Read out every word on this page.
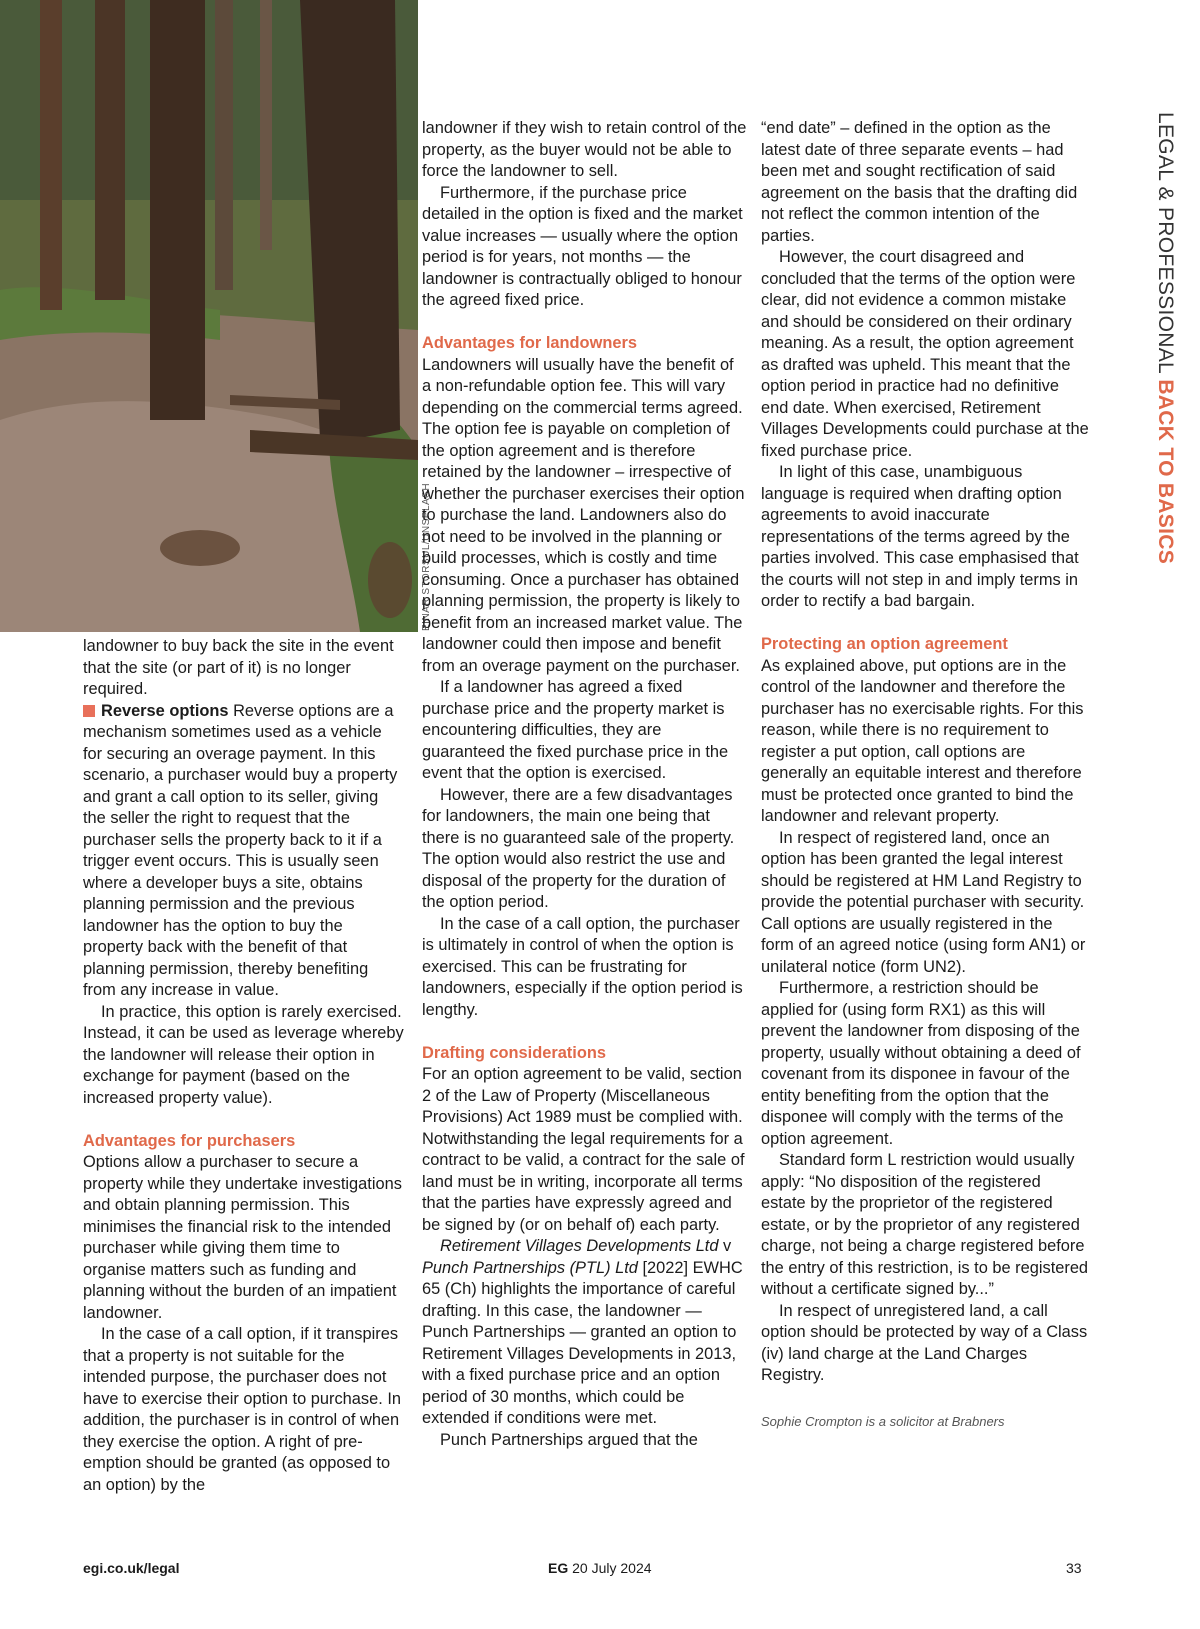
EINAR STORSUL/UNSPLASH
LEGAL & PROFESSIONAL BACK TO BASICS

landowner to buy back the site in the event that the site (or part of it) is no longer required.

Reverse options Reverse options are a mechanism sometimes used as a vehicle for securing an overage payment. In this scenario, a purchaser would buy a property and grant a call option to its seller, giving the seller the right to request that the purchaser sells the property back to it if a trigger event occurs. This is usually seen where a developer buys a site, obtains planning permission and the previous landowner has the option to buy the property back with the benefit of that planning permission, thereby benefiting from any increase in value.

In practice, this option is rarely exercised. Instead, it can be used as leverage whereby the landowner will release their option in exchange for payment (based on the increased property value).

Advantages for purchasers

Options allow a purchaser to secure a property while they undertake investigations and obtain planning permission. This minimises the financial risk to the intended purchaser while giving them time to organise matters such as funding and planning without the burden of an impatient landowner.

In the case of a call option, if it transpires that a property is not suitable for the intended purpose, the purchaser does not have to exercise their option to purchase. In addition, the purchaser is in control of when they exercise the option. A right of pre-emption should be granted (as opposed to an option) by the

landowner if they wish to retain control of the property, as the buyer would not be able to force the landowner to sell.

Furthermore, if the purchase price detailed in the option is fixed and the market value increases — usually where the option period is for years, not months — the landowner is contractually obliged to honour the agreed fixed price.

Advantages for landowners

Landowners will usually have the benefit of a non-refundable option fee. This will vary depending on the commercial terms agreed. The option fee is payable on completion of the option agreement and is therefore retained by the landowner – irrespective of whether the purchaser exercises their option to purchase the land. Landowners also do not need to be involved in the planning or build processes, which is costly and time consuming. Once a purchaser has obtained planning permission, the property is likely to benefit from an increased market value. The landowner could then impose and benefit from an overage payment on the purchaser.

If a landowner has agreed a fixed purchase price and the property market is encountering difficulties, they are guaranteed the fixed purchase price in the event that the option is exercised.

However, there are a few disadvantages for landowners, the main one being that there is no guaranteed sale of the property. The option would also restrict the use and disposal of the property for the duration of the option period.

In the case of a call option, the purchaser is ultimately in control of when the option is exercised. This can be frustrating for landowners, especially if the option period is lengthy.

Drafting considerations

For an option agreement to be valid, section 2 of the Law of Property (Miscellaneous Provisions) Act 1989 must be complied with. Notwithstanding the legal requirements for a contract to be valid, a contract for the sale of land must be in writing, incorporate all terms that the parties have expressly agreed and be signed by (or on behalf of) each party.

Retirement Villages Developments Ltd v Punch Partnerships (PTL) Ltd [2022] EWHC 65 (Ch) highlights the importance of careful drafting. In this case, the landowner — Punch Partnerships — granted an option to Retirement Villages Developments in 2013, with a fixed purchase price and an option period of 30 months, which could be extended if conditions were met.

Punch Partnerships argued that the

“end date” – defined in the option as the latest date of three separate events – had been met and sought rectification of said agreement on the basis that the drafting did not reflect the common intention of the parties.

However, the court disagreed and concluded that the terms of the option were clear, did not evidence a common mistake and should be considered on their ordinary meaning. As a result, the option agreement as drafted was upheld. This meant that the option period in practice had no definitive end date. When exercised, Retirement Villages Developments could purchase at the fixed purchase price.

In light of this case, unambiguous language is required when drafting option agreements to avoid inaccurate representations of the terms agreed by the parties involved. This case emphasised that the courts will not step in and imply terms in order to rectify a bad bargain.

Protecting an option agreement

As explained above, put options are in the control of the landowner and therefore the purchaser has no exercisable rights. For this reason, while there is no requirement to register a put option, call options are generally an equitable interest and therefore must be protected once granted to bind the landowner and relevant property.

In respect of registered land, once an option has been granted the legal interest should be registered at HM Land Registry to provide the potential purchaser with security. Call options are usually registered in the form of an agreed notice (using form AN1) or unilateral notice (form UN2).

Furthermore, a restriction should be applied for (using form RX1) as this will prevent the landowner from disposing of the property, usually without obtaining a deed of covenant from its disponee in favour of the entity benefiting from the option that the disponee will comply with the terms of the option agreement.

Standard form L restriction would usually apply: “No disposition of the registered estate by the proprietor of the registered estate, or by the proprietor of any registered charge, not being a charge registered before the entry of this restriction, is to be registered without a certificate signed by...”

In respect of unregistered land, a call option should be protected by way of a Class (iv) land charge at the Land Charges Registry.

Sophie Crompton is a solicitor at Brabners

egi.co.uk/legal	EG 20 July 2024	33
